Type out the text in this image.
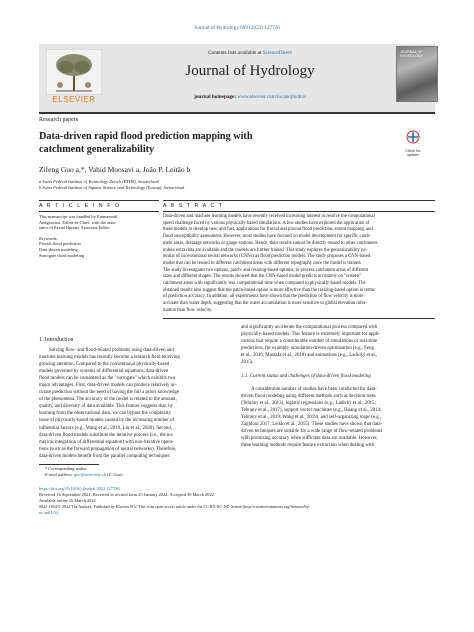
Journal of Hydrology 609 (2022) 127726
ELSEVIER
Contents lists available at ScienceDirect
Journal of Hydrology
journal homepage: www.elsevier.com/locate/jhydrol
JOURNAL OF HYDROLOGY
Research papers
Data-driven rapid flood prediction mapping with
catchment generalizability	Check for updates
Zifeng Guo a,*, Vahid Moosavi a, João P. Leitão b
a Swiss Federal Institute of Technology Zurich (ETHZ), Switzerland
b Swiss Federal Institute of Aquatic Science and Technology (Eawag), Switzerland
A R T I C L E I N F O	A B S T R A C T
This manuscript was handled by Emmanouil
Anagnostou, Editor-in-Chief, with the assis-
tance of Ezzad Hassan, Associate Editor
Keywords:
Pluvial flood prediction
Data-driven modeling
Surrogate flood modeling
Data-driven and machine learning models have recently received increasing interest to resolve the computational
speed challenge faced by various physically-based simulations. A few studies have explored the application of
these models to develop new, and fast, applications for fluvial and pluvial flood prediction, extent mapping, and
flood susceptibility assessment. However, most studies have focused on model development for specific catch-
ment areas, drainage networks or gauge stations. Hence, their results cannot be directly reused to other catchments
unless extra data are available and the models are further trained. This study explores the generalizability po-
tential of convolutional neural networks (CNNs) as flood prediction models. The study proposes a CNN-based
model that can be reused in different catchment areas with different topography once the model is trained.
The study investigates two options, patch- and resizing-based options, to process catchment areas of different
sizes and different shapes. The results showed that the CNN-based model predicts accurately on "unseen"
catchment areas with significantly less computational time when compared to physically-based models. The
obtained results also suggest that the patch-based option is more effective than the resizing-based option in terms
of prediction accuracy. In addition, all experiments have shown that the prediction of flow velocity is more
accurate than water depth, suggesting that the water accumulation is more sensitive to global elevation infor-
mation than flow velocity.
1. Introduction
Solving flow- and flood-related problems using data-driven and
machine learning models has recently become a research field receiving
growing attention. Compared to the conventional physically-based
models governed by systems of differential equations, data-driven
flood models can be considered as the "surrogate" which exhibits two
major advantages. First, data-driven models can produce relatively ac-
curate prediction without the need of having the full a priori knowledge
of the phenomena. The accuracy of the model is related to the amount,
quality, and diversity of data available. This feature suggests that, by
learning from the observational data, we can bypass the complexity
issue of physically-based models caused by the increasing number of
influential factors (e.g., Wang et al., 2019, Liu et al., 2020). Second,
data-driven flood models substitute the iterative process (i.e., the nu-
merical integration of differential equation) with non-iterative opera-
tions (such as the forward propagation of neural networks). Therefore,
data-driven models benefit from the parallel computing techniques
and significantly accelerate the computational process compared with
physically-based models. This feature is extremely important for appli-
cations that require a considerable number of simulations or real-time
predictions, for example, simulation-driven optimization (e.g., Feng
et al., 2016; Mustafa et al., 2018) and animations (e.g., Ladický et al.,
2015).
1.1. Current status and challenges of data-driven flood modeling
A considerable number of studies have been conducted for data-
driven flood modeling using different methods such as decision trees
(Tehrany et al., 2013), logistic regressions (e.g., Ladický et al., 2015;
Tehrany et al., 2017), support vector machines (e.g., Huang et al., 2014;
Tehrany et al., 2019; Wang et al., 2019), and self-organizing maps (e.g.,
Zaghloul 2017; Leitão et al., 2015). These studies have shown that data-
driven techniques are suitable for a wide range of flow-related problems
with promising accuracy when sufficient data are available. However,
these learning methods require feature extraction when dealing with
* Corresponding author.
E-mail address: guo@arch.ethz.ch (Z. Guo).
https://doi.org/10.1016/j.jhydrol.2022.127726
Received 16 September 2021; Received in revised form 25 January 2022; Accepted 30 March 2022
Available online 16 March 2022
0022-1694/© 2022 The Authors. Published by Elsevier B.V. This is an open access article under the CC BY-NC-ND license (http://creativecommons.org/licenses/by-
nc-nd/4.0/).
